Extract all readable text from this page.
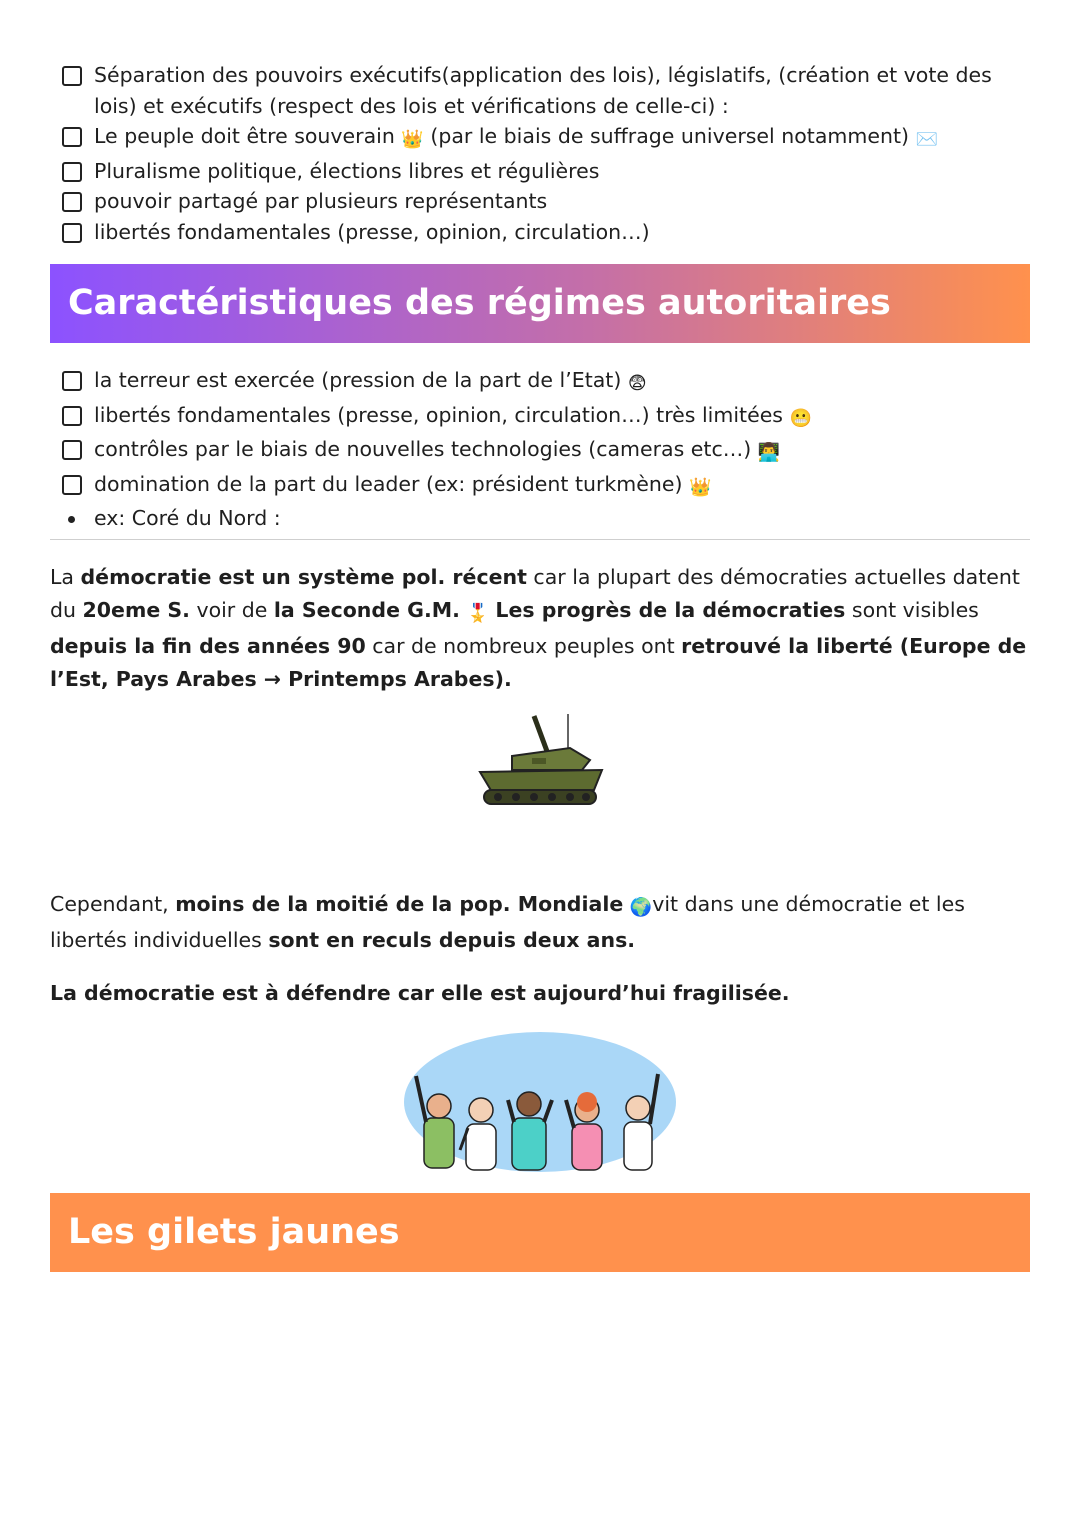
Séparation des pouvoirs exécutifs(application des lois), législatifs, (création et vote des lois) et exécutifs (respect des lois et vérifications de celle-ci) :
Le peuple doit être souverain 👑 (par le biais de suffrage universel notamment) ✉️
Pluralisme politique, élections libres et régulières
pouvoir partagé par plusieurs représentants
libertés fondamentales (presse, opinion, circulation…)
Caractéristiques des régimes autoritaires
la terreur est exercée (pression de la part de l’Etat) 😨
libertés fondamentales (presse, opinion, circulation…) très limitées 😬
contrôles par le biais de nouvelles technologies (cameras etc…) 👨‍💻
domination de la part du leader (ex: président turkmène) 👑
ex: Coré du Nord :
La démocratie est un système pol. récent car la plupart des démocraties actuelles datent du 20eme S. voir de la Seconde G.M. 🎖️ Les progrès de la démocraties sont visibles depuis la fin des années 90 car de nombreux peuples ont retrouvé la liberté (Europe de l’Est, Pays Arabes → Printemps Arabes).
Cependant, moins de la moitié de la pop. Mondiale 🌍vit dans une démocratie et les libertés individuelles sont en reculs depuis deux ans.
La démocratie est à défendre car elle est aujourd’hui fragilisée.
Les gilets jaunes
